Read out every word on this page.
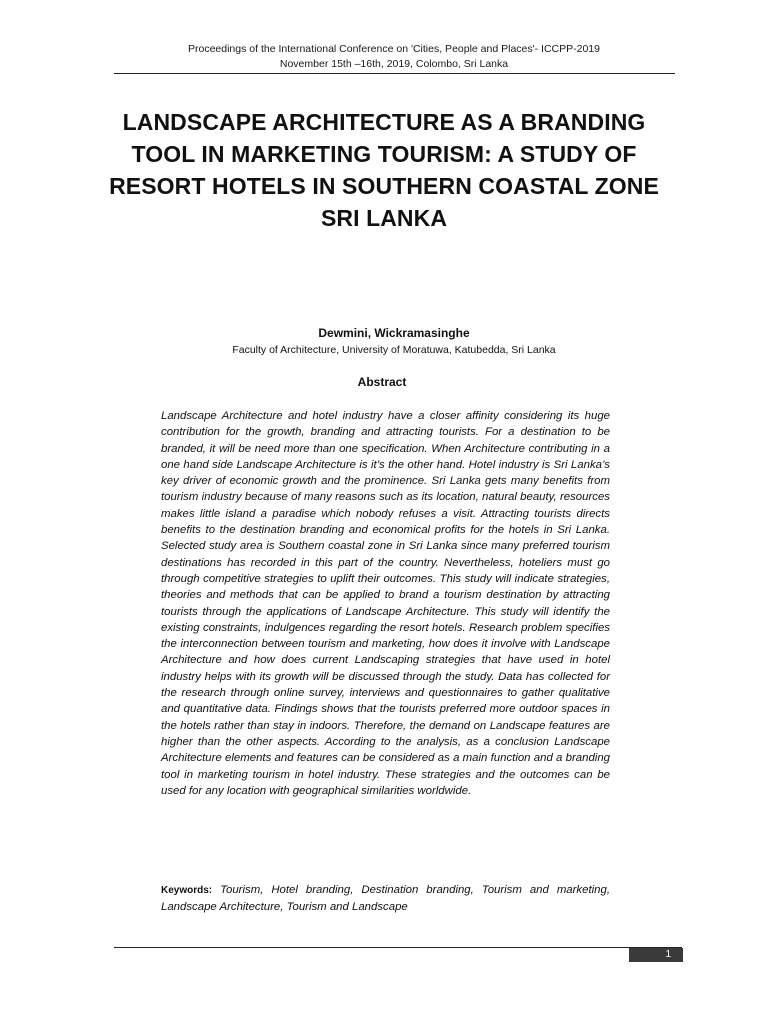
Proceedings of the International Conference on 'Cities, People and Places'- ICCPP-2019
November 15th –16th, 2019, Colombo, Sri Lanka
LANDSCAPE ARCHITECTURE AS A BRANDING TOOL IN MARKETING TOURISM: A STUDY OF RESORT HOTELS IN SOUTHERN COASTAL ZONE SRI LANKA
Dewmini, Wickramasinghe
Faculty of Architecture, University of Moratuwa, Katubedda, Sri Lanka
Abstract
Landscape Architecture and hotel industry have a closer affinity considering its huge contribution for the growth, branding and attracting tourists. For a destination to be branded, it will be need more than one specification. When Architecture contributing in a one hand side Landscape Architecture is it’s the other hand. Hotel industry is Sri Lanka’s key driver of economic growth and the prominence. Sri Lanka gets many benefits from tourism industry because of many reasons such as its location, natural beauty, resources makes little island a paradise which nobody refuses a visit. Attracting tourists directs benefits to the destination branding and economical profits for the hotels in Sri Lanka. Selected study area is Southern coastal zone in Sri Lanka since many preferred tourism destinations has recorded in this part of the country. Nevertheless, hoteliers must go through competitive strategies to uplift their outcomes. This study will indicate strategies, theories and methods that can be applied to brand a tourism destination by attracting tourists through the applications of Landscape Architecture. This study will identify the existing constraints, indulgences regarding the resort hotels. Research problem specifies the interconnection between tourism and marketing, how does it involve with Landscape Architecture and how does current Landscaping strategies that have used in hotel industry helps with its growth will be discussed through the study. Data has collected for the research through online survey, interviews and questionnaires to gather qualitative and quantitative data. Findings shows that the tourists preferred more outdoor spaces in the hotels rather than stay in indoors. Therefore, the demand on Landscape features are higher than the other aspects. According to the analysis, as a conclusion Landscape Architecture elements and features can be considered as a main function and a branding tool in marketing tourism in hotel industry. These strategies and the outcomes can be used for any location with geographical similarities worldwide.
Keywords: Tourism, Hotel branding, Destination branding, Tourism and marketing, Landscape Architecture, Tourism and Landscape
1
